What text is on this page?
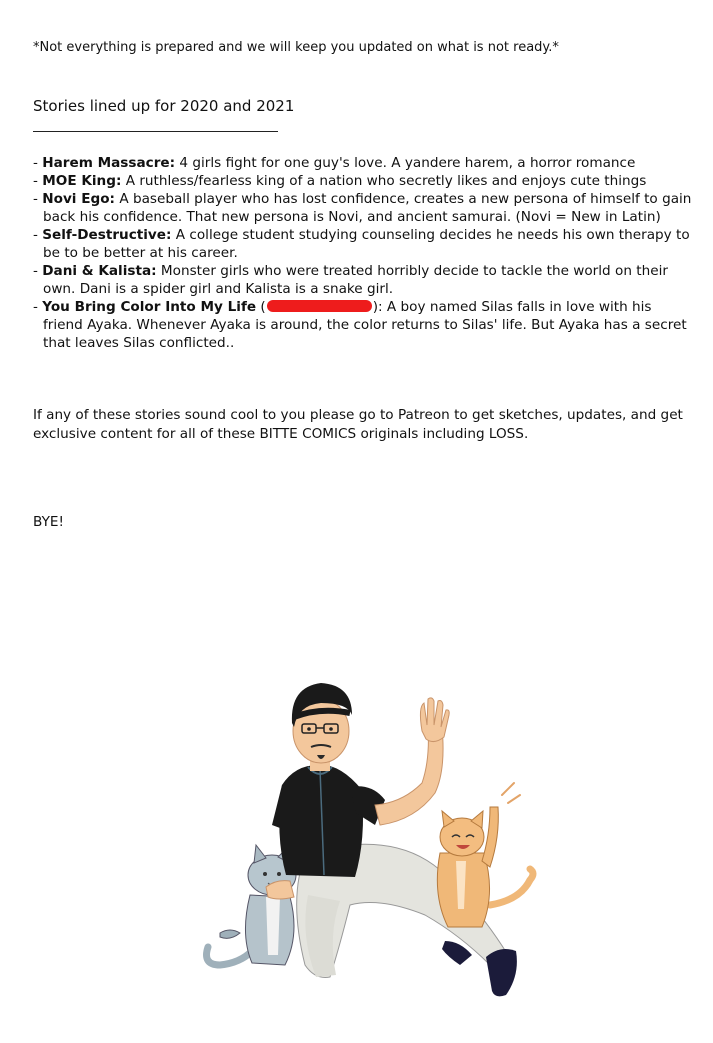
*Not everything is prepared and we will keep you updated on what is not ready.*
Stories lined up for 2020 and 2021
- Harem Massacre: 4 girls fight for one guy's love. A yandere harem, a horror romance
- MOE King: A ruthless/fearless king of a nation who secretly likes and enjoys cute things
- Novi Ego: A baseball player who has lost confidence, creates a new persona of himself to gain back his confidence. That new persona is Novi, and ancient samurai. (Novi = New in Latin)
- Self-Destructive: A college student studying counseling decides he needs his own therapy to be to be better at his career.
- Dani & Kalista: Monster girls who were treated horribly decide to tackle the world on their own. Dani is a spider girl and Kalista is a snake girl.
- You Bring Color Into My Life (	): A boy named Silas falls in love with his friend Ayaka. Whenever Ayaka is around, the color returns to Silas' life. But Ayaka has a secret that leaves Silas conflicted..
If any of these stories sound cool to you please go to Patreon to get sketches, updates, and get exclusive content for all of these BITTE COMICS originals including LOSS.
BYE!
